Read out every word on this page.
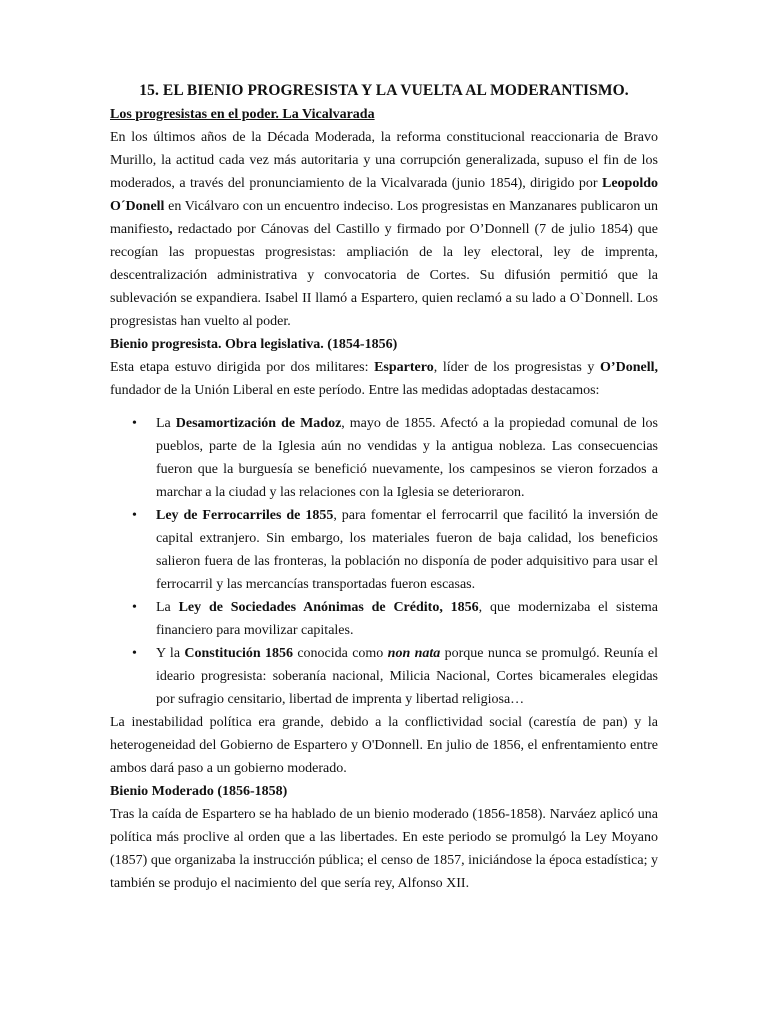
15. EL BIENIO PROGRESISTA Y LA VUELTA AL MODERANTISMO.
Los progresistas en el poder. La Vicalvarada

En los últimos años de la Década Moderada, la reforma constitucional reaccionaria de Bravo Murillo, la actitud cada vez más autoritaria y una corrupción generalizada, supuso el fin de los moderados, a través del pronunciamiento de la Vicalvarada (junio 1854), dirigido por Leopoldo O´Donell en Vicálvaro con un encuentro indeciso. Los progresistas en Manzanares publicaron un manifiesto, redactado por Cánovas del Castillo y firmado por O’Donnell (7 de julio 1854) que recogían las propuestas progresistas: ampliación de la ley electoral, ley de imprenta, descentralización administrativa y convocatoria de Cortes. Su difusión permitió que la sublevación se expandiera. Isabel II llamó a Espartero, quien reclamó a su lado a O`Donnell. Los progresistas han vuelto al poder.

Bienio progresista. Obra legislativa. (1854-1856)

Esta etapa estuvo dirigida por dos militares: Espartero, líder de los progresistas y O’Donell, fundador de la Unión Liberal en este período. Entre las medidas adoptadas destacamos:

• La Desamortización de Madoz, mayo de 1855. Afectó a la propiedad comunal de los pueblos, parte de la Iglesia aún no vendidas y la antigua nobleza. Las consecuencias fueron que la burguesía se benefició nuevamente, los campesinos se vieron forzados a marchar a la ciudad y las relaciones con la Iglesia se deterioraron.
• Ley de Ferrocarriles de 1855, para fomentar el ferrocarril que facilitó la inversión de capital extranjero. Sin embargo, los materiales fueron de baja calidad, los beneficios salieron fuera de las fronteras, la población no disponía de poder adquisitivo para usar el ferrocarril y las mercancías transportadas fueron escasas.
• La Ley de Sociedades Anónimas de Crédito, 1856, que modernizaba el sistema financiero para movilizar capitales.
• Y la Constitución 1856 conocida como non nata porque nunca se promulgó. Reunía el ideario progresista: soberanía nacional, Milicia Nacional, Cortes bicamerales elegidas por sufragio censitario, libertad de imprenta y libertad religiosa…

La inestabilidad política era grande, debido a la conflictividad social (carestía de pan) y la heterogeneidad del Gobierno de Espartero y O'Donnell. En julio de 1856, el enfrentamiento entre ambos dará paso a un gobierno moderado.

Bienio Moderado (1856-1858)

Tras la caída de Espartero se ha hablado de un bienio moderado (1856-1858). Narváez aplicó una política más proclive al orden que a las libertades. En este periodo se promulgó la Ley Moyano (1857) que organizaba la instrucción pública; el censo de 1857, iniciándose la época estadística; y también se produjo el nacimiento del que sería rey, Alfonso XII.
